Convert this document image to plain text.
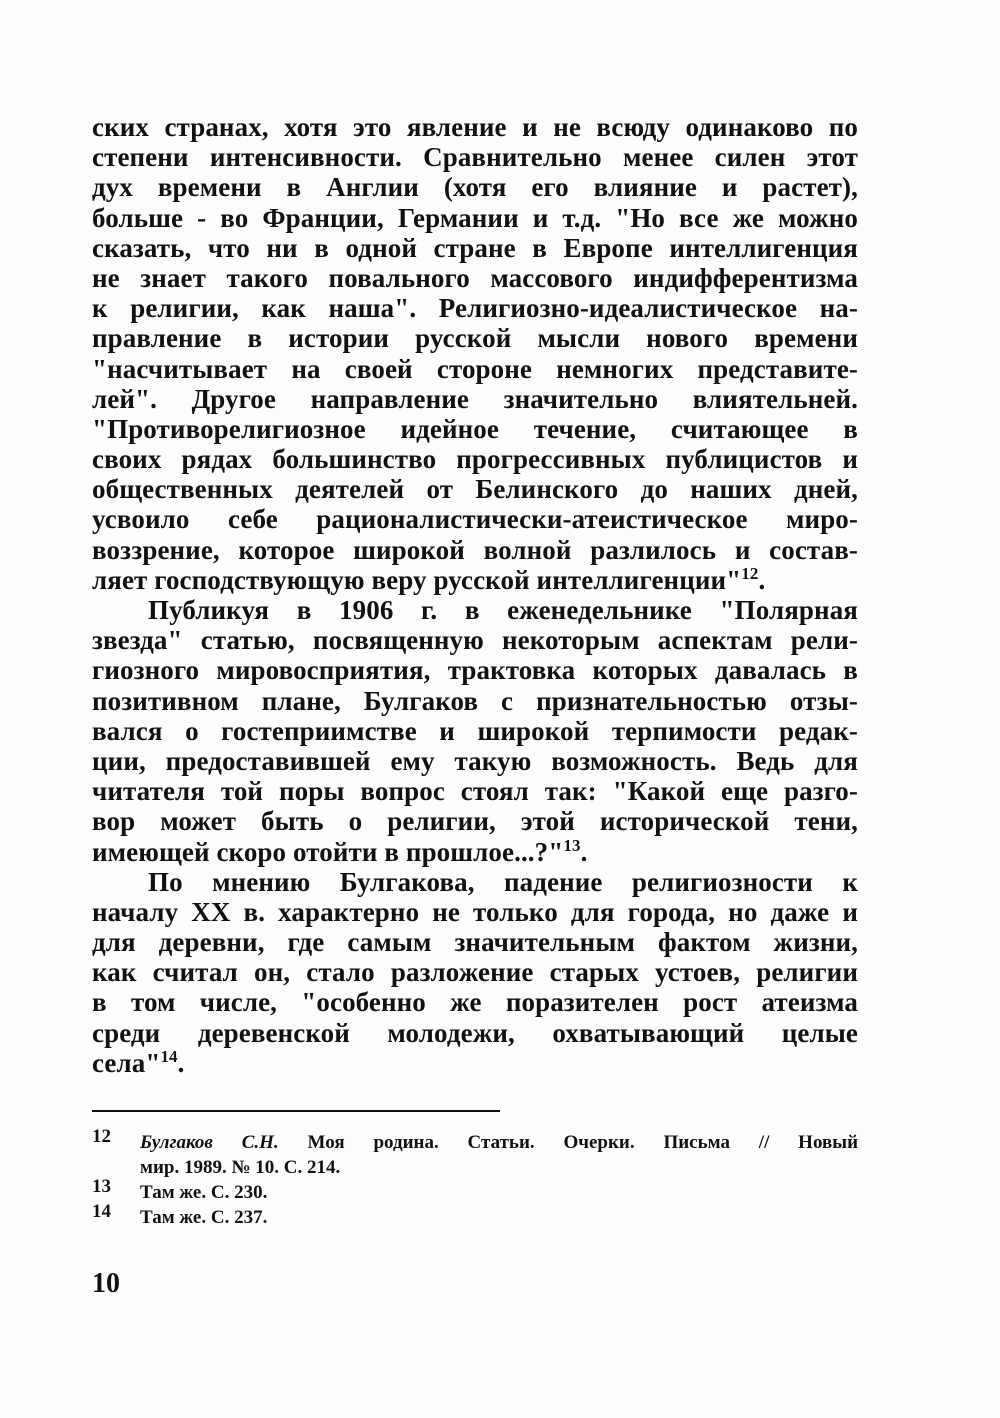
ских странах, хотя это явление и не всюду одинаково по
степени интенсивности. Сравнительно менее силен этот
дух времени в Англии (хотя его влияние и растет),
больше - во Франции, Германии и т.д. "Но все же можно
сказать, что ни в одной стране в Европе интеллигенция
не знает такого повального массового индифферентизма
к религии, как наша". Религиозно-идеалистическое на-
правление в истории русской мысли нового времени
"насчитывает на своей стороне немногих представите-
лей". Другое направление значительно влиятельней.
"Противорелигиозное идейное течение, считающее в
своих рядах большинство прогрессивных публицистов и
общественных деятелей от Белинского до наших дней,
усвоило себе рационалистически-атеистическое миро-
воззрение, которое широкой волной разлилось и состав-
ляет господствующую веру русской интеллигенции"$^{12}$.
Публикуя в 1906 г. в еженедельнике "Полярная
звезда" статью, посвященную некоторым аспектам рели-
гиозного мировосприятия, трактовка которых давалась в
позитивном плане, Булгаков с признательностью отзы-
вался о гостеприимстве и широкой терпимости редак-
ции, предоставившей ему такую возможность. Ведь для
читателя той поры вопрос стоял так: "Какой еще разго-
вор может быть о религии, этой исторической тени,
имеющей скоро отойти в прошлое...?"$^{13}$.
По мнению Булгакова, падение религиозности к
началу XX в. характерно не только для города, но даже и
для деревни, где самым значительным фактом жизни,
как считал он, стало разложение старых устоев, религии
в том числе, "особенно же поразителен рост атеизма
среди деревенской молодежи, охватывающий целые
села"$^{14}$.
12 Булгаков С.Н. Моя родина. Статьи. Очерки. Письма // Новый
мир. 1989. № 10. С. 214.
13 Там же. С. 230.
14 Там же. С. 237.
10
